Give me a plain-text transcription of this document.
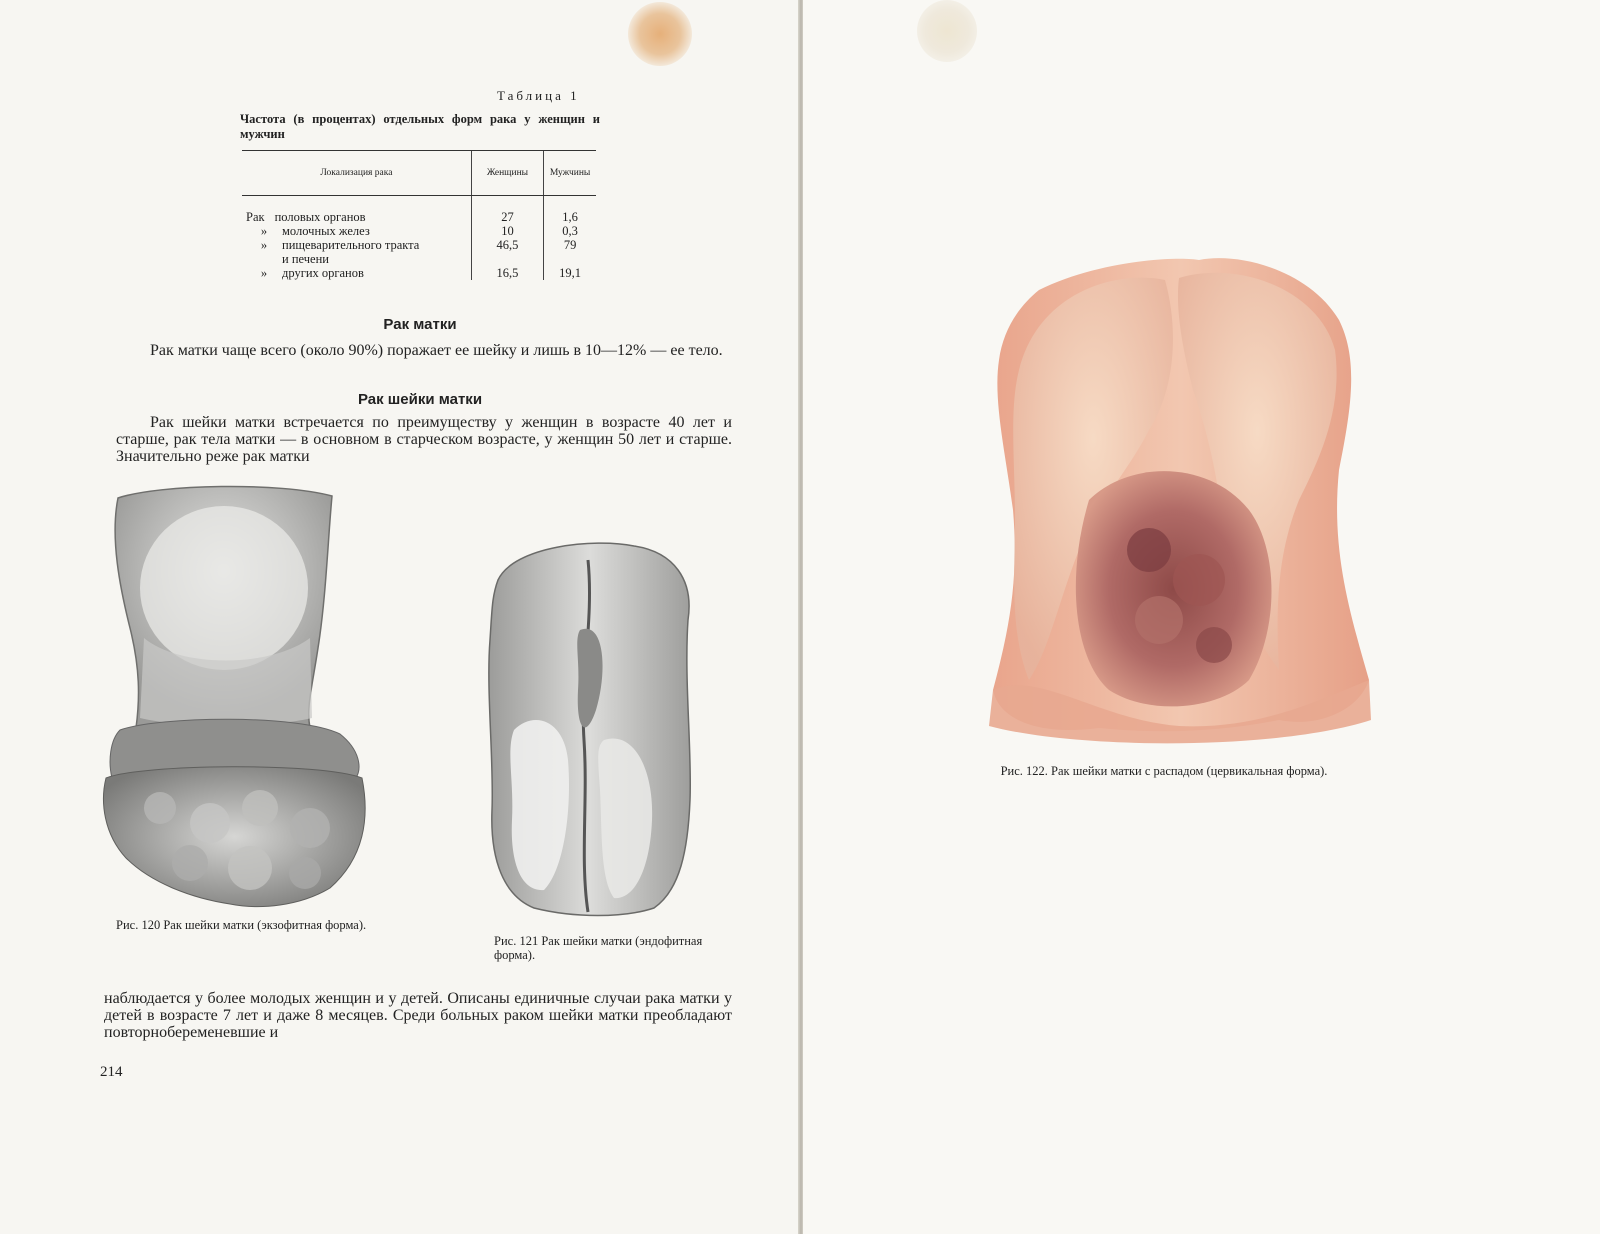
Таблица 1
Частота (в процентах) отдельных форм рака у женщин и мужчин
Локализация рака	Женщины	Мужчины
Рак половых органов	27	1,6
» молочных желез	10	0,3
» пищеварительного тракта	46,5	79
и печени		
» других органов	16,5	19,1
Рак матки
Рак матки чаще всего (около 90%) поражает ее шейку и лишь в 10—12% — ее тело.
Рак шейки матки
Рак шейки матки встречается по преимуществу у женщин в возрасте 40 лет и старше, рак тела матки — в основном в старческом возрасте, у женщин 50 лет и старше. Значительно реже рак матки
Рис. 120 Рак шейки матки (экзофитная форма).
Рис. 121 Рак шейки матки (эндофитная форма).
наблюдается у более молодых женщин и у детей. Описаны единичные случаи рака матки у детей в возрасте 7 лет и даже 8 месяцев. Среди больных раком шейки матки преобладают повторнобеременевшие и
214
Рис. 122. Рак шейки матки с распадом (цервикальная форма).
